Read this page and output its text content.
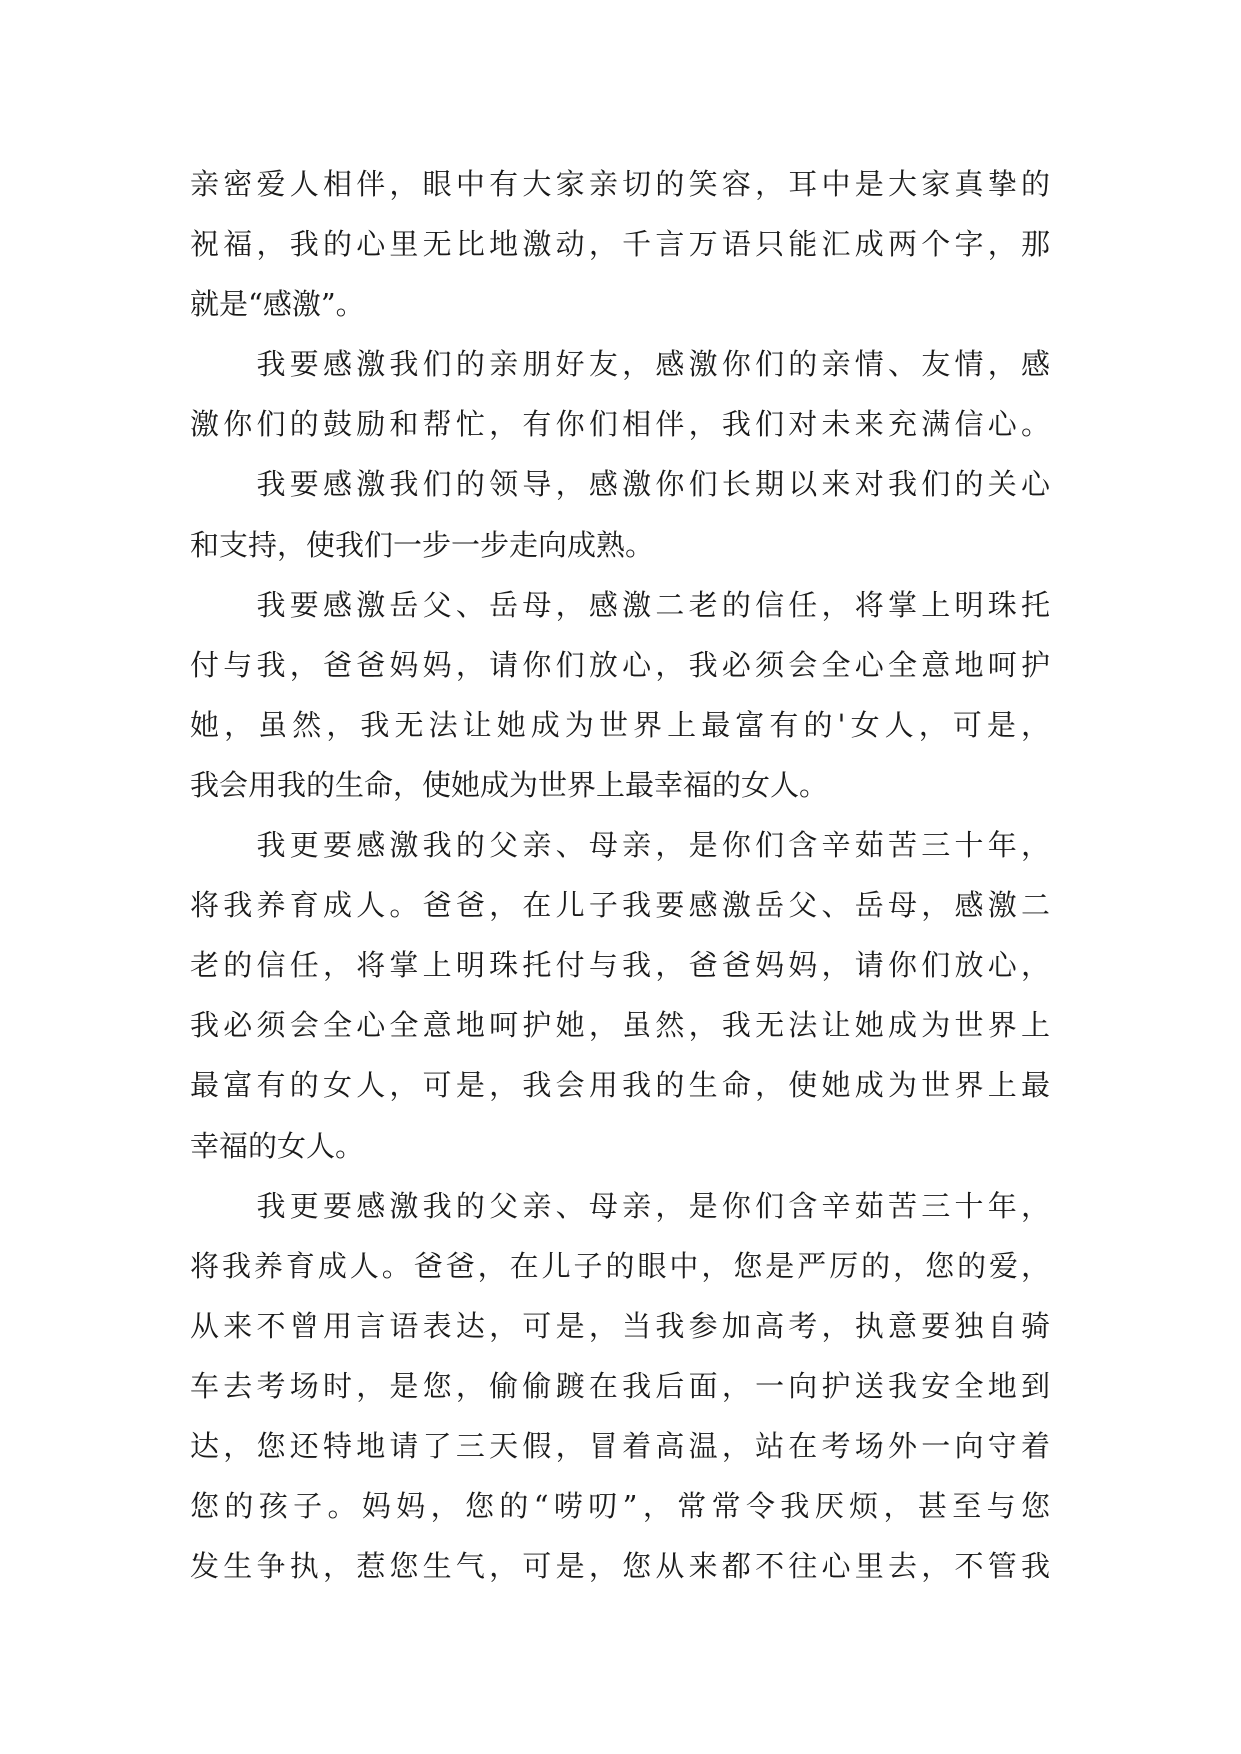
亲密爱人相伴，眼中有大家亲切的笑容，耳中是大家真挚的
祝福，我的心里无比地激动，千言万语只能汇成两个字，那
就是“感激”。
　　我要感激我们的亲朋好友，感激你们的亲情、友情，感
激你们的鼓励和帮忙，有你们相伴，我们对未来充满信心。
　　我要感激我们的领导，感激你们长期以来对我们的关心
和支持，使我们一步一步走向成熟。
　　我要感激岳父、岳母，感激二老的信任，将掌上明珠托
付与我，爸爸妈妈，请你们放心，我必须会全心全意地呵护
她，虽然，我无法让她成为世界上最富有的'女人，可是，
我会用我的生命，使她成为世界上最幸福的女人。
　　我更要感激我的父亲、母亲，是你们含辛茹苦三十年，
将我养育成人。爸爸，在儿子我要感激岳父、岳母，感激二
老的信任，将掌上明珠托付与我，爸爸妈妈，请你们放心，
我必须会全心全意地呵护她，虽然，我无法让她成为世界上
最富有的女人，可是，我会用我的生命，使她成为世界上最
幸福的女人。
　　我更要感激我的父亲、母亲，是你们含辛茹苦三十年，
将我养育成人。爸爸，在儿子的眼中，您是严厉的，您的爱，
从来不曾用言语表达，可是，当我参加高考，执意要独自骑
车去考场时，是您，偷偷踱在我后面，一向护送我安全地到
达，您还特地请了三天假，冒着高温，站在考场外一向守着
您的孩子。妈妈，您的“唠叨”，常常令我厌烦，甚至与您
发生争执，惹您生气，可是，您从来都不往心里去，不管我
